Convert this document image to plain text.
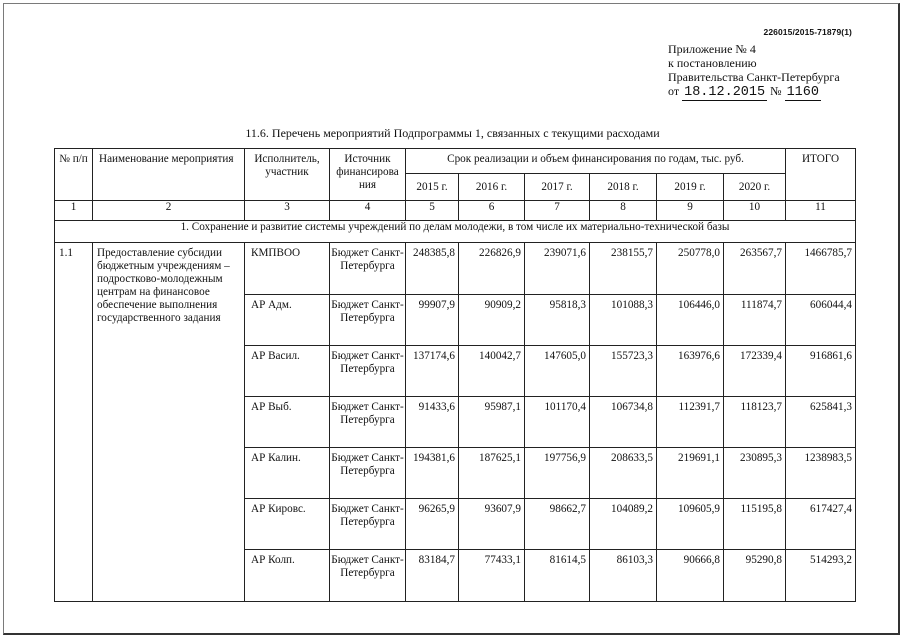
226015/2015-71879(1)
Приложение № 4
к постановлению
Правительства Санкт-Петербурга
от 18.12.2015 № 1160
11.6. Перечень мероприятий Подпрограммы 1, связанных с текущими расходами
№ п/п	Наименование мероприятия	Исполнитель, участник	Источник финансирова ния	Срок реализации и объем финансирования по годам, тыс. руб.						ИТОГО
				2015 г.	2016 г.	2017 г.	2018 г.	2019 г.	2020 г.	
1	2	3	4	5	6	7	8	9	10	11
1. Сохранение и развитие системы учреждений по делам молодежи, в том числе их материально-технической базы										
1.1	Предоставление субсидии бюджетным учреждениям – подростково-молодежным центрам на финансовое обеспечение выполнения государственного задания	КМПВОО	Бюджет Санкт-Петербурга	248385,8	226826,9	239071,6	238155,7	250778,0	263567,7	1466785,7
		АР Адм.	Бюджет Санкт-Петербурга	99907,9	90909,2	95818,3	101088,3	106446,0	111874,7	606044,4
		АР Васил.	Бюджет Санкт-Петербурга	137174,6	140042,7	147605,0	155723,3	163976,6	172339,4	916861,6
		АР Выб.	Бюджет Санкт-Петербурга	91433,6	95987,1	101170,4	106734,8	112391,7	118123,7	625841,3
		АР Калин.	Бюджет Санкт-Петербурга	194381,6	187625,1	197756,9	208633,5	219691,1	230895,3	1238983,5
		АР Кировс.	Бюджет Санкт-Петербурга	96265,9	93607,9	98662,7	104089,2	109605,9	115195,8	617427,4
		АР Колп.	Бюджет Санкт-Петербурга	83184,7	77433,1	81614,5	86103,3	90666,8	95290,8	514293,2
